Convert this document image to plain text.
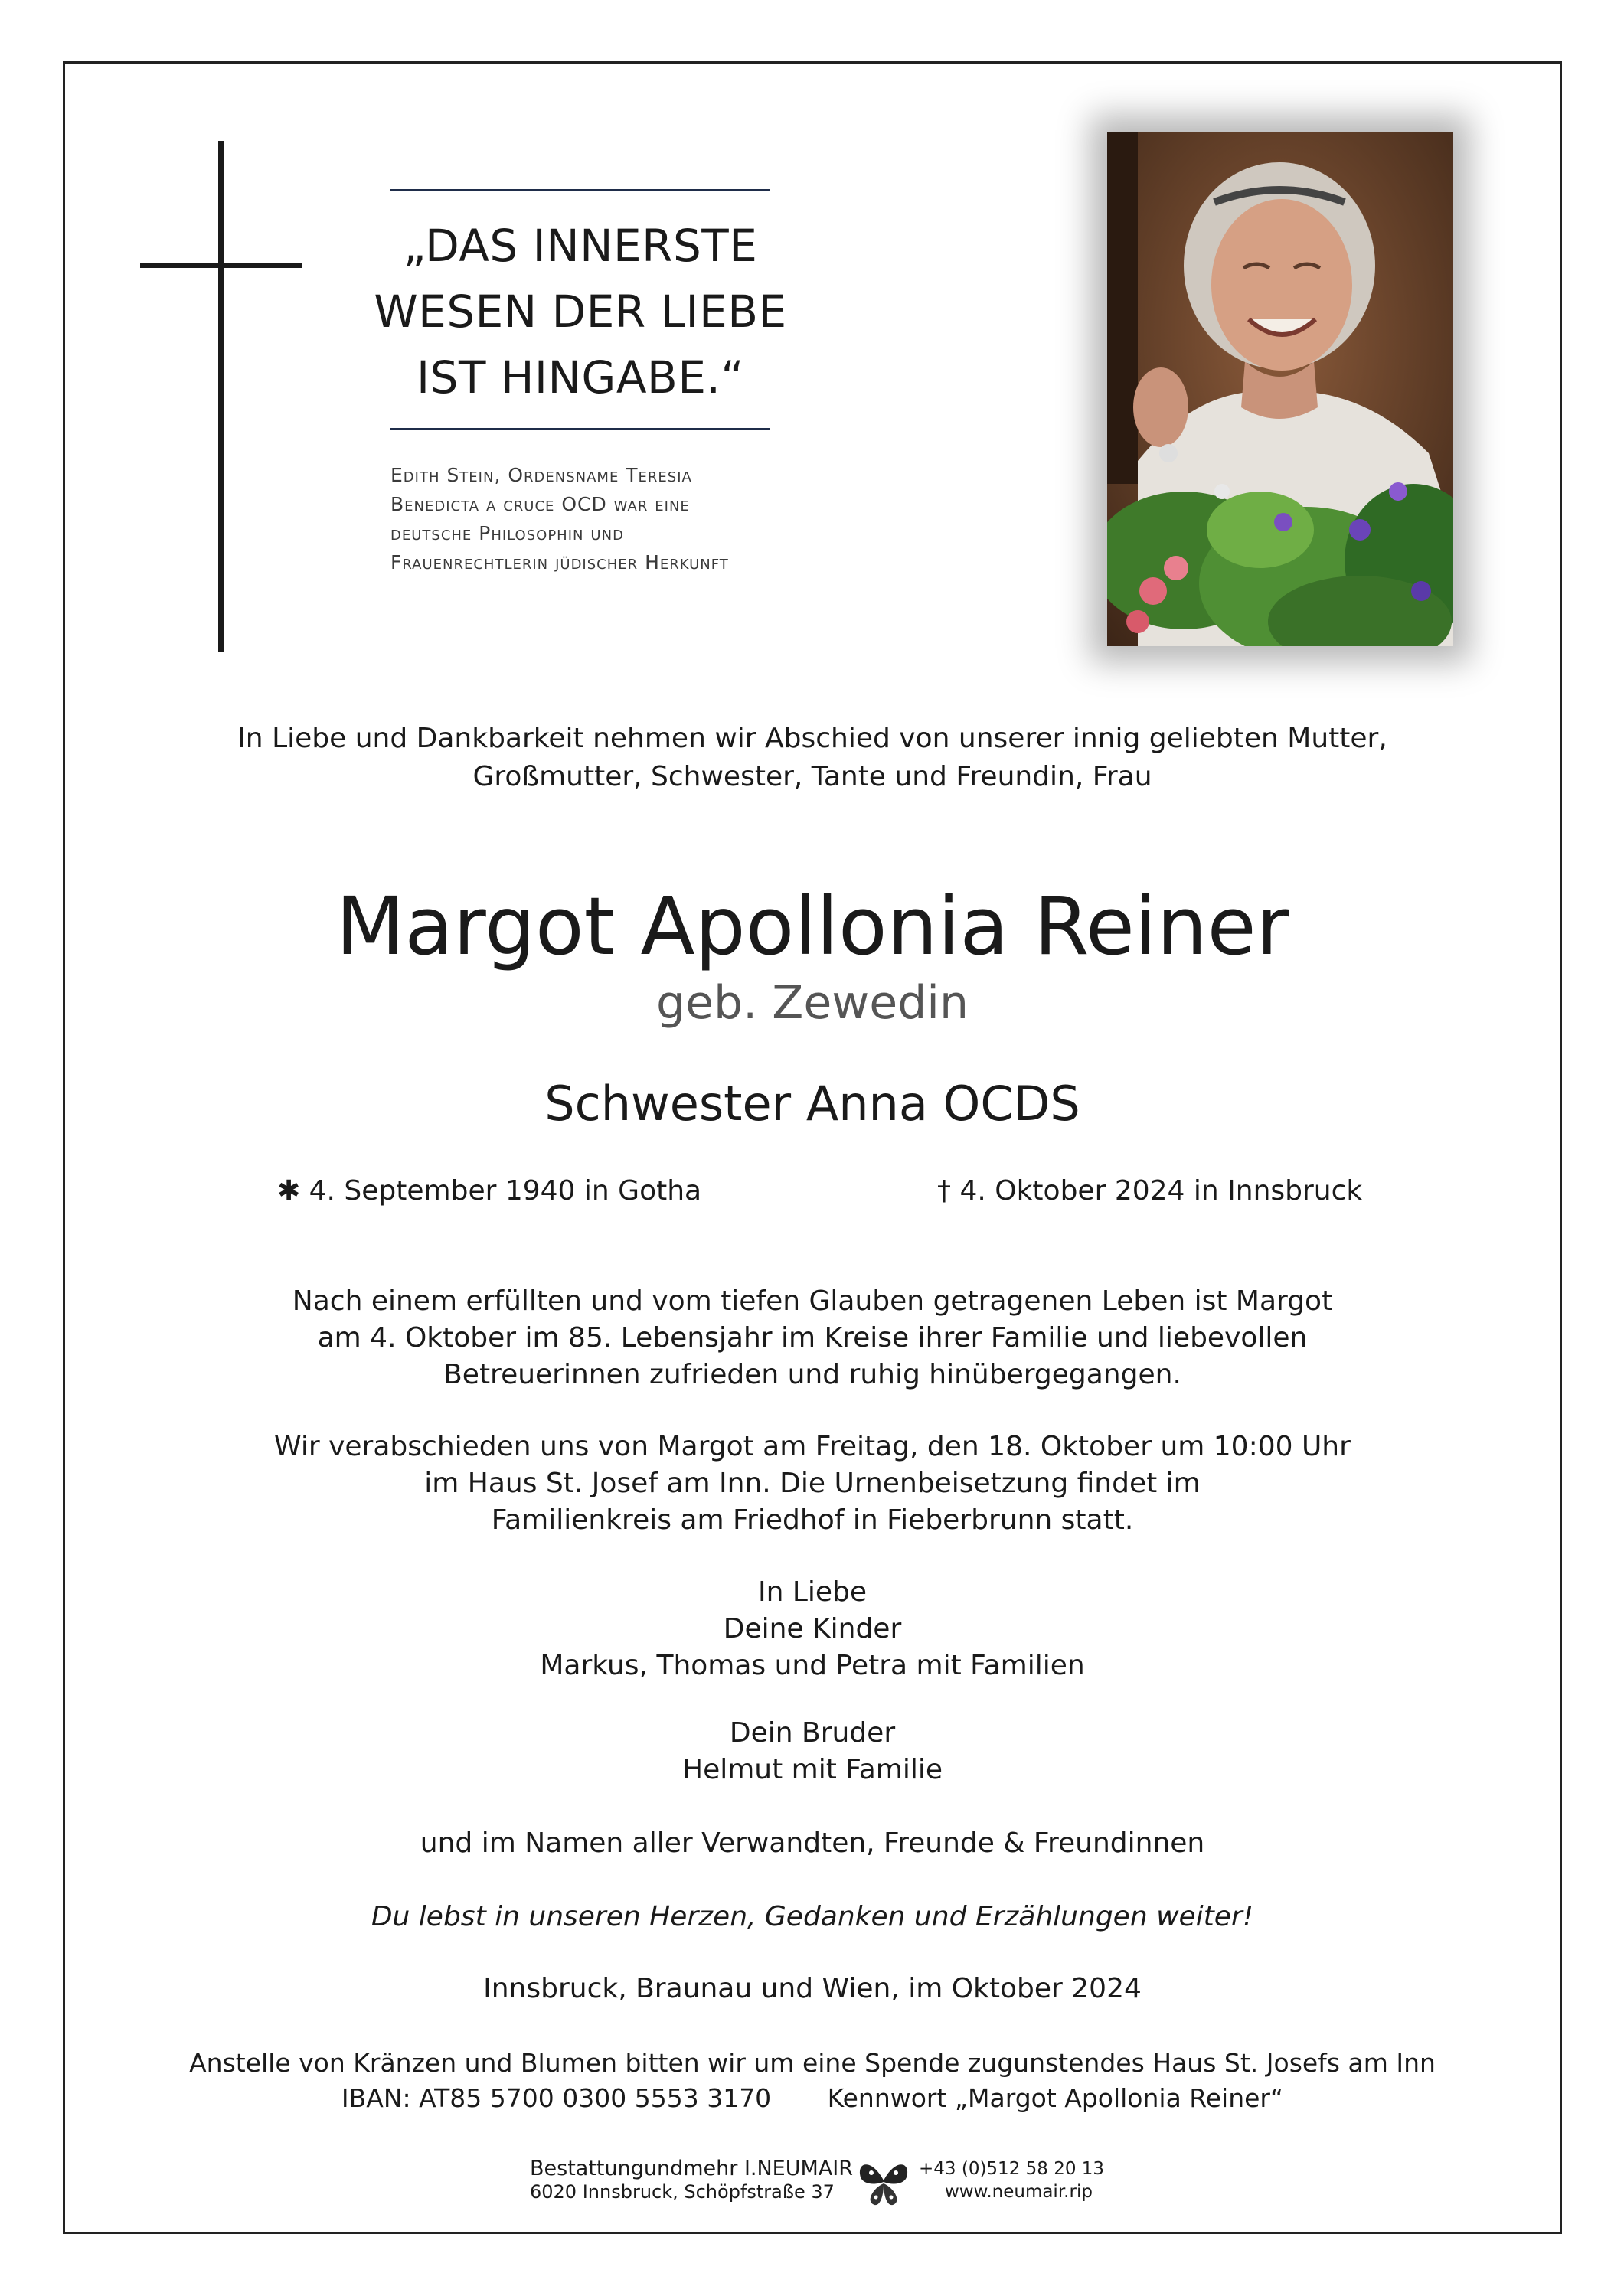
„DAS INNERSTE
WESEN DER LIEBE
IST HINGABE.“
Edith Stein, Ordensname Teresia
Benedicta a cruce OCD war eine
deutsche Philosophin und
Frauenrechtlerin jüdischer Herkunft
In Liebe und Dankbarkeit nehmen wir Abschied von unserer innig geliebten Mutter,
Großmutter, Schwester, Tante und Freundin, Frau
Margot Apollonia Reiner
geb. Zewedin
Schwester Anna OCDS
✱ 4. September 1940 in Gotha	† 4. Oktober 2024 in Innsbruck
Nach einem erfüllten und vom tiefen Glauben getragenen Leben ist Margot
am 4. Oktober im 85. Lebensjahr im Kreise ihrer Familie und liebevollen
Betreuerinnen zufrieden und ruhig hinübergegangen.
Wir verabschieden uns von Margot am Freitag, den 18. Oktober um 10:00 Uhr
im Haus St. Josef am Inn. Die Urnenbeisetzung findet im
Familienkreis am Friedhof in Fieberbrunn statt.
In Liebe
Deine Kinder
Markus, Thomas und Petra mit Familien
Dein Bruder
Helmut mit Familie
und im Namen aller Verwandten, Freunde & Freundinnen
Du lebst in unseren Herzen, Gedanken und Erzählungen weiter!
Innsbruck, Braunau und Wien, im Oktober 2024
Anstelle von Kränzen und Blumen bitten wir um eine Spende zugunstendes Haus St. Josefs am Inn
IBAN: AT85 5700 0300 5553 3170       Kennwort „Margot Apollonia Reiner“
Bestattungundmehr I.NEUMAIR
6020 Innsbruck, Schöpfstraße 37
+43 (0)512 58 20 13
www.neumair.rip
